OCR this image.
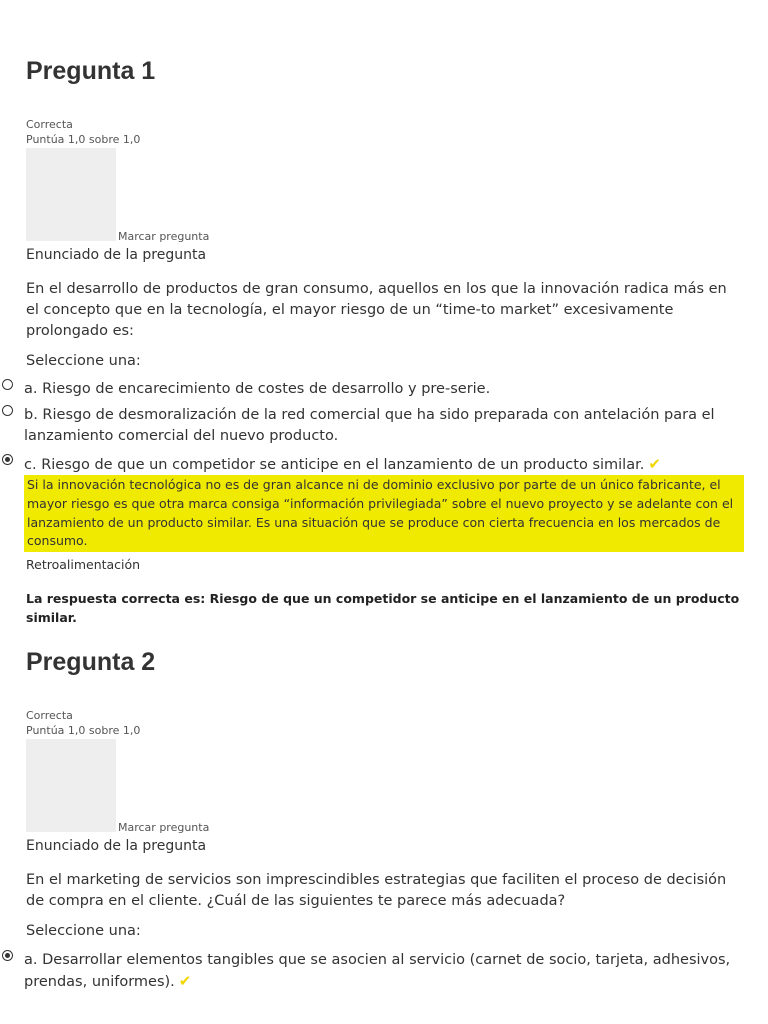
Pregunta 1
Correcta
Puntúa 1,0 sobre 1,0
Marcar pregunta
Enunciado de la pregunta
En el desarrollo de productos de gran consumo, aquellos en los que la innovación radica más en el concepto que en la tecnología, el mayor riesgo de un “time-to market” excesivamente prolongado es:
Seleccione una:
a. Riesgo de encarecimiento de costes de desarrollo y pre-serie.
b. Riesgo de desmoralización de la red comercial que ha sido preparada con antelación para el lanzamiento comercial del nuevo producto.
c. Riesgo de que un competidor se anticipe en el lanzamiento de un producto similar. ✔
Si la innovación tecnológica no es de gran alcance ni de dominio exclusivo por parte de un único fabricante, el mayor riesgo es que otra marca consiga “información privilegiada” sobre el nuevo proyecto y se adelante con el lanzamiento de un producto similar. Es una situación que se produce con cierta frecuencia en los mercados de consumo.
Retroalimentación
La respuesta correcta es: Riesgo de que un competidor se anticipe en el lanzamiento de un producto similar.
Pregunta 2
Correcta
Puntúa 1,0 sobre 1,0
Marcar pregunta
Enunciado de la pregunta
En el marketing de servicios son imprescindibles estrategias que faciliten el proceso de decisión de compra en el cliente. ¿Cuál de las siguientes te parece más adecuada?
Seleccione una:
a. Desarrollar elementos tangibles que se asocien al servicio (carnet de socio, tarjeta, adhesivos, prendas, uniformes). ✔
